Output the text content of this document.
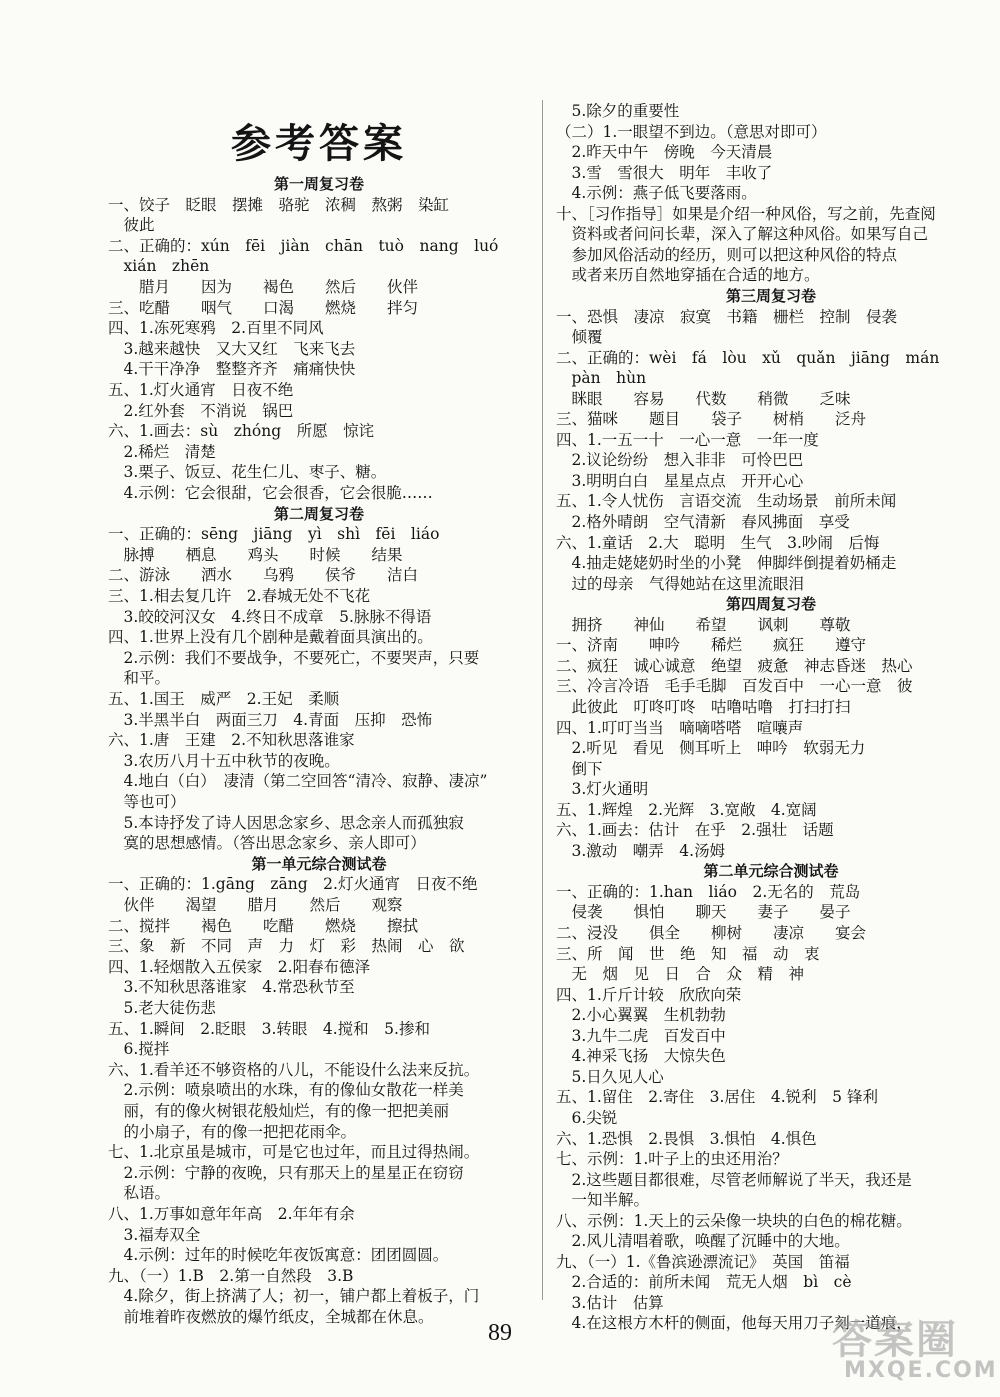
参考答案
第一周复习卷
一、饺子　眨眼　摆摊　骆驼　浓稠　熬粥　染缸
　彼此
二、正确的：xún　fēi　jiàn　chān　tuò　nang　luó
　xián　zhēn
　　腊月　　因为　　褐色　　然后　　伙伴
三、吃醋　　咽气　　口渴　　燃烧　　拌匀
四、1.冻死寒鸦　2.百里不同风
　3.越来越快　又大又红　飞来飞去
　4.干干净净　整整齐齐　痛痛快快
五、1.灯火通宵　日夜不绝
　2.红外套　不消说　锅巴
六、1.画去：sù　zhóng　所愿　惊诧
　2.稀烂　清楚
　3.栗子、饭豆、花生仁儿、枣子、糖。
　4.示例：它会很甜，它会很香，它会很脆……
第二周复习卷
一、正确的：sēng　jiāng　yì　shì　fēi　liáo
　脉搏　　栖息　　鸡头　　时候　　结果
二、游泳　　洒水　　乌鸦　　侯爷　　洁白
三、1.相去复几许　2.春城无处不飞花
　3.皎皎河汉女　4.终日不成章　5.脉脉不得语
四、1.世界上没有几个剧种是戴着面具演出的。
　2.示例：我们不要战争，不要死亡，不要哭声，只要
　和平。
五、1.国王　威严　2.王妃　柔顺
　3.半黑半白　两面三刀　4.青面　压抑　恐怖
六、1.唐　王建　2.不知秋思落谁家
　3.农历八月十五中秋节的夜晚。
　4.地白（白）　凄清（第二空回答“清冷、寂静、凄凉”
　等也可）
　5.本诗抒发了诗人因思念家乡、思念亲人而孤独寂
　寞的思想感情。（答出思念家乡、亲人即可）
第一单元综合测试卷
一、正确的：1.gāng　zāng　2.灯火通宵　日夜不绝
　伙伴　　渴望　　腊月　　然后　　观察
二、搅拌　　褐色　　吃醋　　燃烧　　擦拭
三、象　新　不同　声　力　灯　彩　热闹　心　欲
四、1.轻烟散入五侯家　2.阳春布德泽
　3.不知秋思落谁家　4.常恐秋节至
　5.老大徒伤悲
五、1.瞬间　2.眨眼　3.转眼　4.搅和　5.掺和
　6.搅拌
六、1.看羊还不够资格的八儿，不能设什么法来反抗。
　2.示例：喷泉喷出的水珠，有的像仙女散花一样美
　丽，有的像火树银花般灿烂，有的像一把把美丽
　的小扇子，有的像一把把花雨伞。
七、1.北京虽是城市，可是它也过年，而且过得热闹。
　2.示例：宁静的夜晚，只有那天上的星星正在窃窃
　私语。
八、1.万事如意年年高　2.年年有余
　3.福寿双全
　4.示例：过年的时候吃年夜饭寓意：团团圆圆。
九、（一）1.B　2.第一自然段　3.B
　4.除夕，街上挤满了人；初一，铺户都上着板子，门
　前堆着昨夜燃放的爆竹纸皮，全城都在休息。
　5.除夕的重要性
（二）1.一眼望不到边。（意思对即可）
　2.昨天中午　傍晚　今天清晨
　3.雪　雪很大　明年　丰收了
　4.示例：燕子低飞要落雨。
十、［习作指导］如果是介绍一种风俗，写之前，先查阅
　资料或者问问长辈，深入了解这种风俗。如果写自己
　参加风俗活动的经历，则可以把这种风俗的特点
　或者来历自然地穿插在合适的地方。
第三周复习卷
一、恐惧　凄凉　寂寞　书籍　栅栏　控制　侵袭
　倾覆
二、正确的：wèi　fá　lòu　xǔ　quǎn　jiāng　mán
　pàn　hùn
　眯眼　　容易　　代数　　稍微　　乏味
三、猫咪　　题目　　袋子　　树梢　　泛舟
四、1.一五一十　一心一意　一年一度
　2.议论纷纷　想入非非　可怜巴巴
　3.明明白白　星星点点　开开心心
五、1.令人忧伤　言语交流　生动场景　前所未闻
　2.格外晴朗　空气清新　春风拂面　享受
六、1.童话　2.大　聪明　生气　3.吵闹　后悔
　4.抽走姥姥奶时坐的小凳　伸脚绊倒提着奶桶走
　过的母亲　气得她站在这里流眼泪
第四周复习卷
　拥挤　　神仙　　希望　　讽刺　　尊敬
一、济南　　呻吟　　稀烂　　疯狂　　遵守
二、疯狂　诚心诚意　绝望　疲惫　神志昏迷　热心
三、冷言冷语　毛手毛脚　百发百中　一心一意　彼
　此彼此　叮咚叮咚　咕噜咕噜　打扫打扫
四、1.叮叮当当　嘀嘀嗒嗒　喧嚷声
　2.听见　看见　侧耳听上　呻吟　软弱无力
　倒下
　3.灯火通明
五、1.辉煌　2.光辉　3.宽敞　4.宽阔
六、1.画去：估计　在乎　2.强壮　话题
　3.激动　嘲弄　4.汤姆
第二单元综合测试卷
一、正确的：1.han　liáo　2.无名的　荒岛
　侵袭　　惧怕　　聊天　　妻子　　晏子
二、浸没　　俱全　　柳树　　凄凉　　宴会
三、所　闻　世　绝　知　福　动　衷
　无　烟　见　日　合　众　精　神
四、1.斤斤计较　欣欣向荣
　2.小心翼翼　生机勃勃
　3.九牛二虎　百发百中
　4.神采飞扬　大惊失色
　5.日久见人心
五、1.留住　2.寄住　3.居住　4.锐利　5 锋利
　6.尖锐
六、1.恐惧　2.畏惧　3.惧怕　4.惧色
七、示例：1.叶子上的虫还用治？
　2.这些题目都很难，尽管老师解说了半天，我还是
　一知半解。
八、示例：1.天上的云朵像一块块的白色的棉花糖。
　2.风儿清唱着歌，唤醒了沉睡中的大地。
九、（一）1.《鲁滨逊漂流记》　英国　笛福
　2.合适的：前所未闻　荒无人烟　bì　cè
　3.估计　估算
　4.在这根方木杆的侧面，他每天用刀子刻一道痕，
89	答案圈
MXQE.COM
